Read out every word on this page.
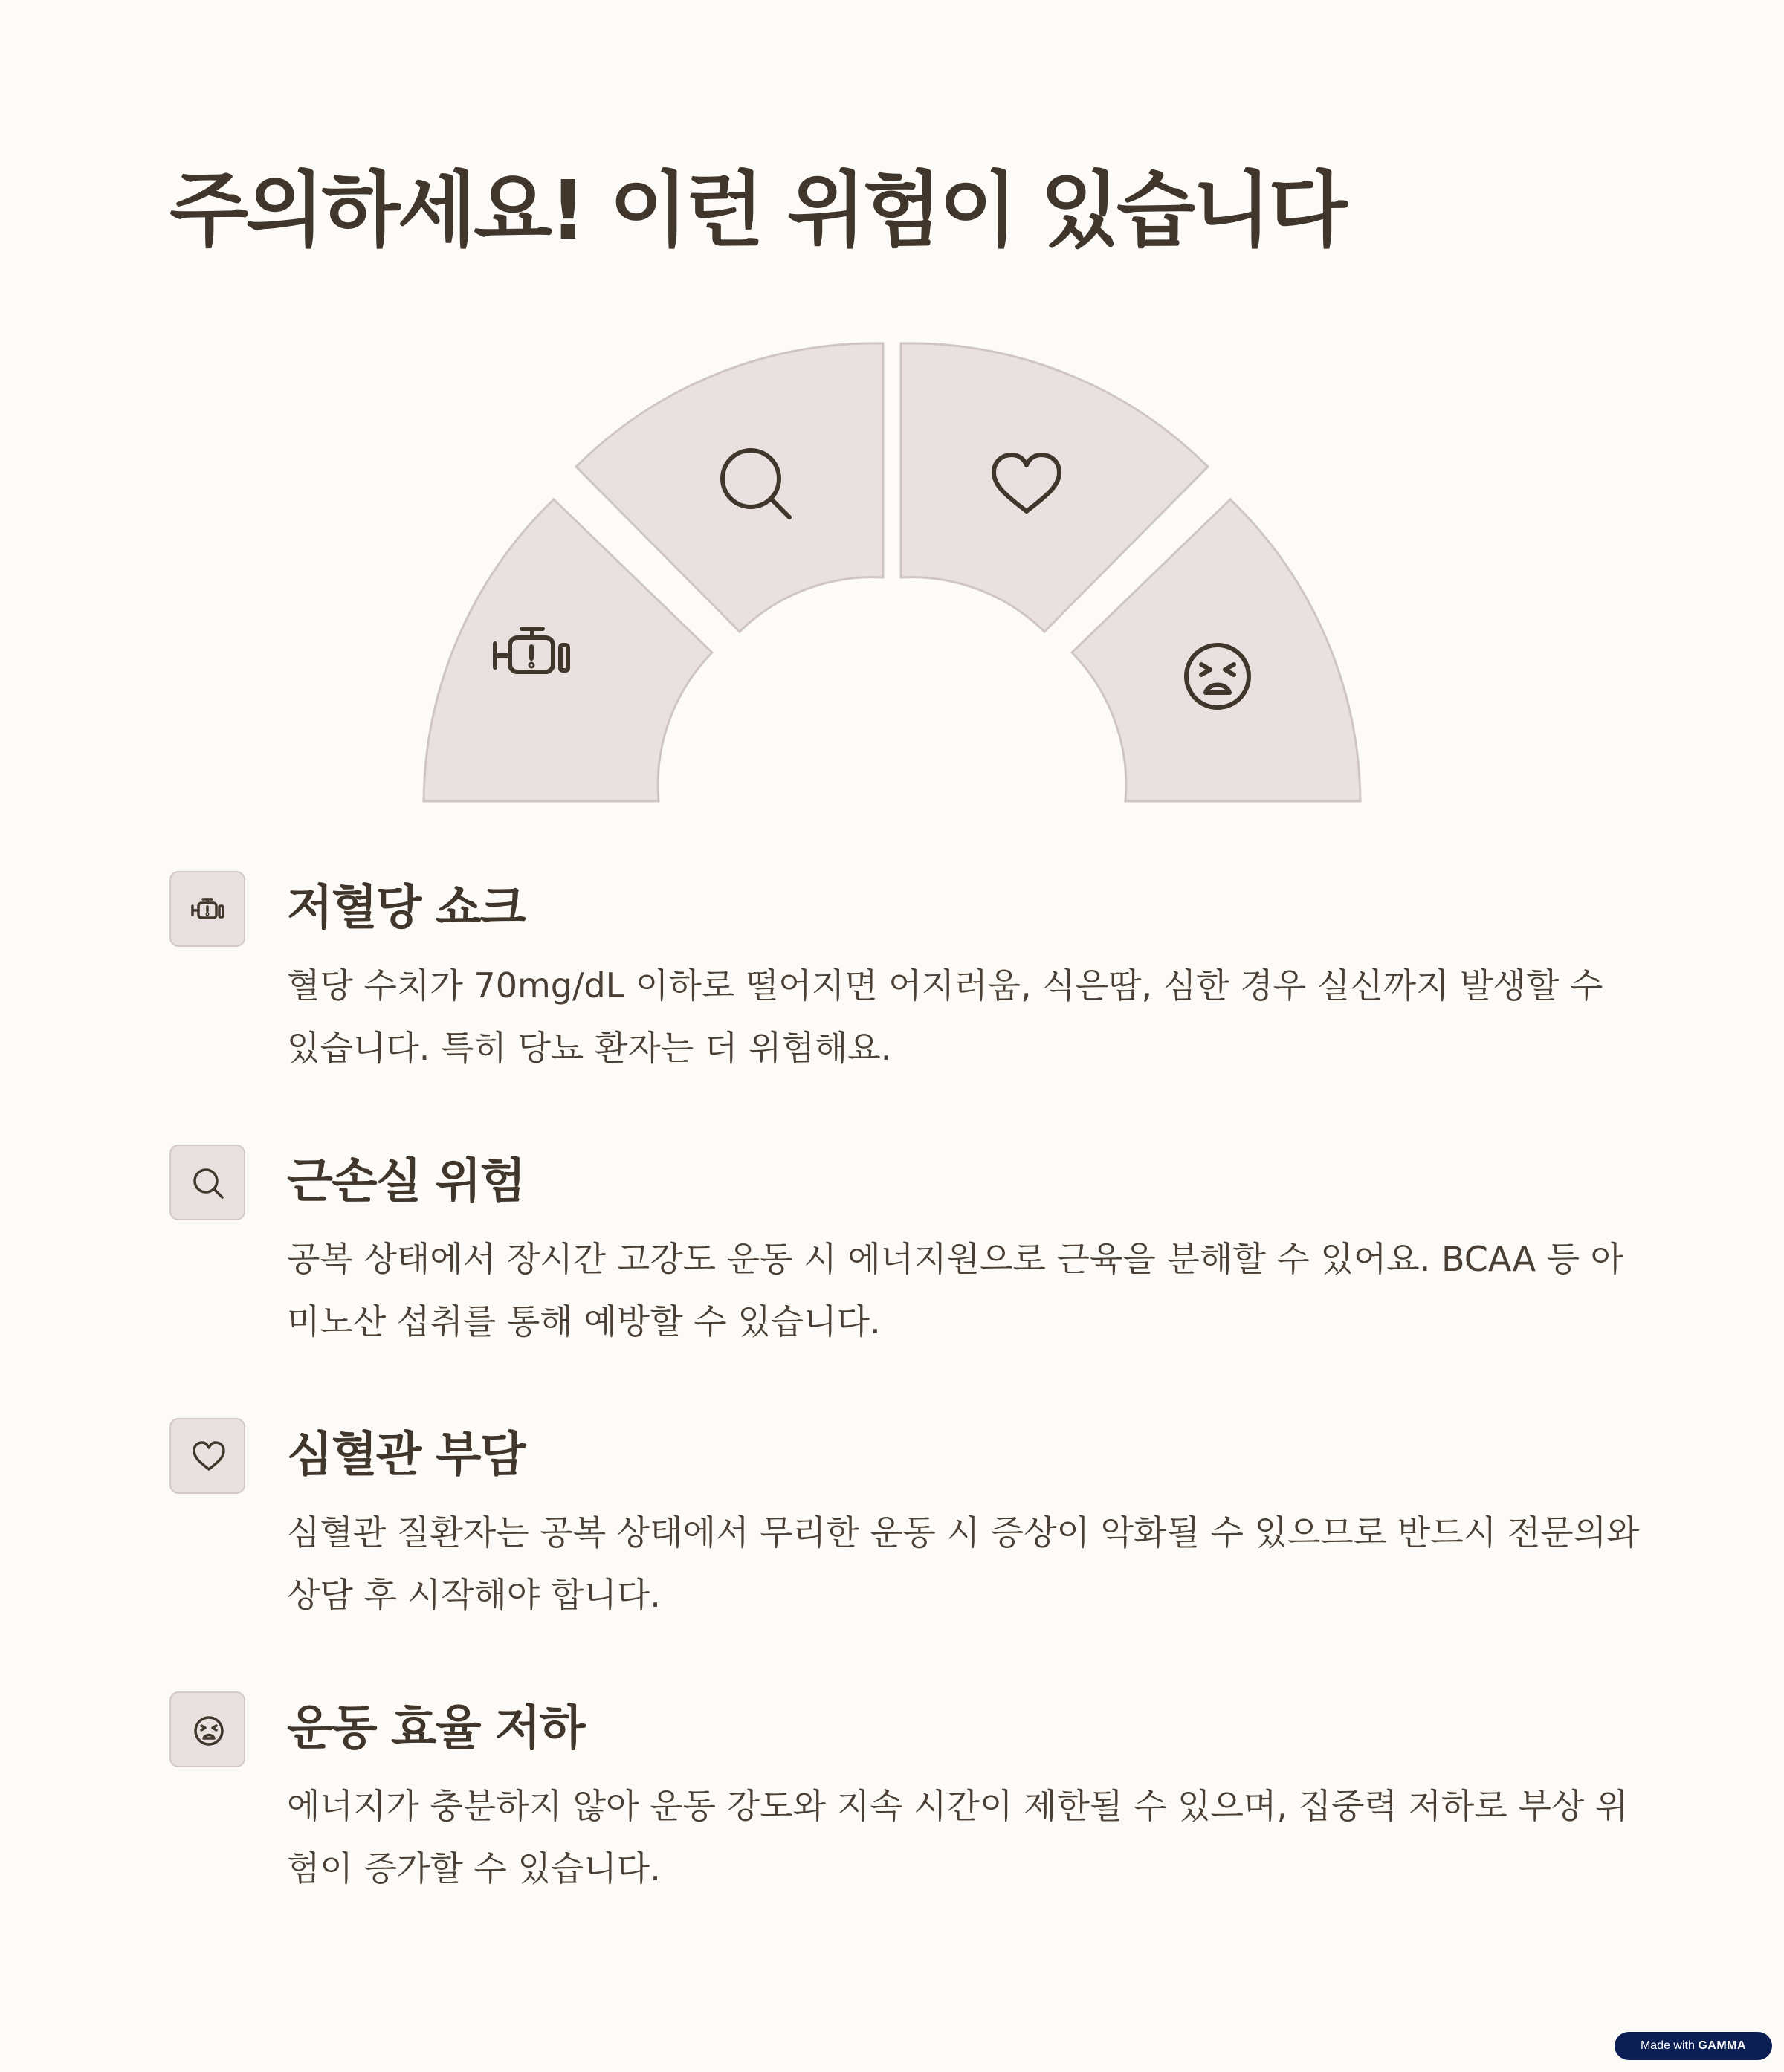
주의하세요! 이런 위험이 있습니다
저혈당 쇼크

혈당 수치가 70mg/dL 이하로 떨어지면 어지러움, 식은땀, 심한 경우 실신까지 발생할 수 있습니다. 특히 당뇨 환자는 더 위험해요.

근손실 위험

공복 상태에서 장시간 고강도 운동 시 에너지원으로 근육을 분해할 수 있어요. BCAA 등 아미노산 섭취를 통해 예방할 수 있습니다.

심혈관 부담

심혈관 질환자는 공복 상태에서 무리한 운동 시 증상이 악화될 수 있으므로 반드시 전문의와 상담 후 시작해야 합니다.

운동 효율 저하

에너지가 충분하지 않아 운동 강도와 지속 시간이 제한될 수 있으며, 집중력 저하로 부상 위험이 증가할 수 있습니다.

Made with GAMMA
